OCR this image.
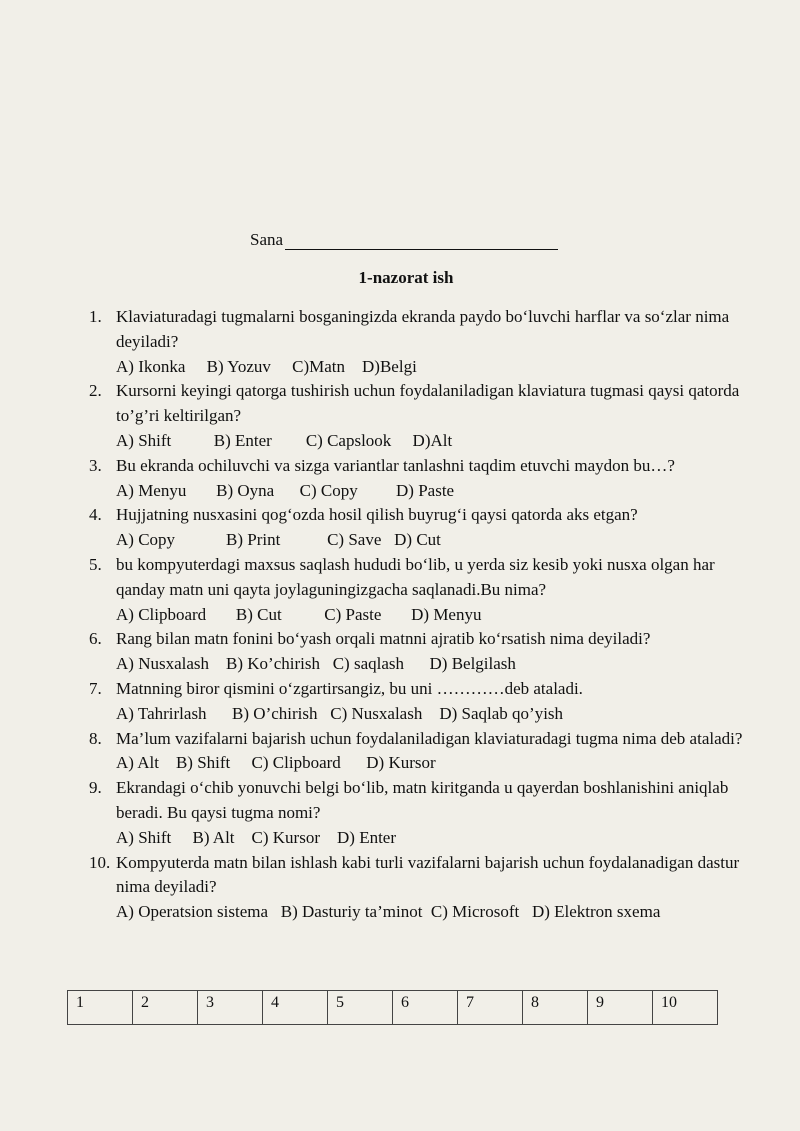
Sana
1-nazorat ish
1. Klaviaturadagi tugmalarni bosganingizda ekranda paydo bo‘luvchi harflar va so‘zlar nima deyiladi?
A) Ikonka     B) Yozuv     C)Matn    D)Belgi
2. Kursorni keyingi qatorga tushirish uchun foydalaniladigan klaviatura tugmasi qaysi qatorda to’g’ri keltirilgan?
A) Shift          B) Enter        C) Capslook     D)Alt
3. Bu ekranda ochiluvchi va sizga variantlar tanlashni taqdim etuvchi maydon bu…?
A) Menyu       B) Oyna      C) Copy         D) Paste
4. Hujjatning nusxasini qog‘ozda hosil qilish buyrug‘i qaysi qatorda aks etgan?
A) Copy            B) Print           C) Save   D) Cut
5. bu kompyuterdagi maxsus saqlash hududi bo‘lib, u yerda siz kesib yoki nusxa olgan har qanday matn uni qayta joylaguningizgacha saqlanadi.Bu nima?
A) Clipboard       B) Cut          C) Paste       D) Menyu
6. Rang bilan matn fonini bo‘yash orqali matnni ajratib ko‘rsatish nima deyiladi?
A) Nusxalash    B) Ko’chirish   C) saqlash      D) Belgilash
7. Matnning biror qismini o‘zgartirsangiz, bu uni …………deb ataladi.
A) Tahrirlash      B) O’chirish   C) Nusxalash    D) Saqlab qo’yish
8. Ma’lum vazifalarni bajarish uchun foydalaniladigan klaviaturadagi tugma nima deb ataladi?
A) Alt    B) Shift     C) Clipboard      D) Kursor
9. Ekrandagi o‘chib yonuvchi belgi bo‘lib, matn kiritganda u qayerdan boshlanishini aniqlab beradi. Bu qaysi tugma nomi?
A) Shift     B) Alt    C) Kursor    D) Enter
10. Kompyuterda matn bilan ishlash kabi turli vazifalarni bajarish uchun foydalanadigan dastur nima deyiladi?
A) Operatsion sistema   B) Dasturiy ta’minot  C) Microsoft   D) Elektron sxema
1	2	3	4	5	6	7	8	9	10
